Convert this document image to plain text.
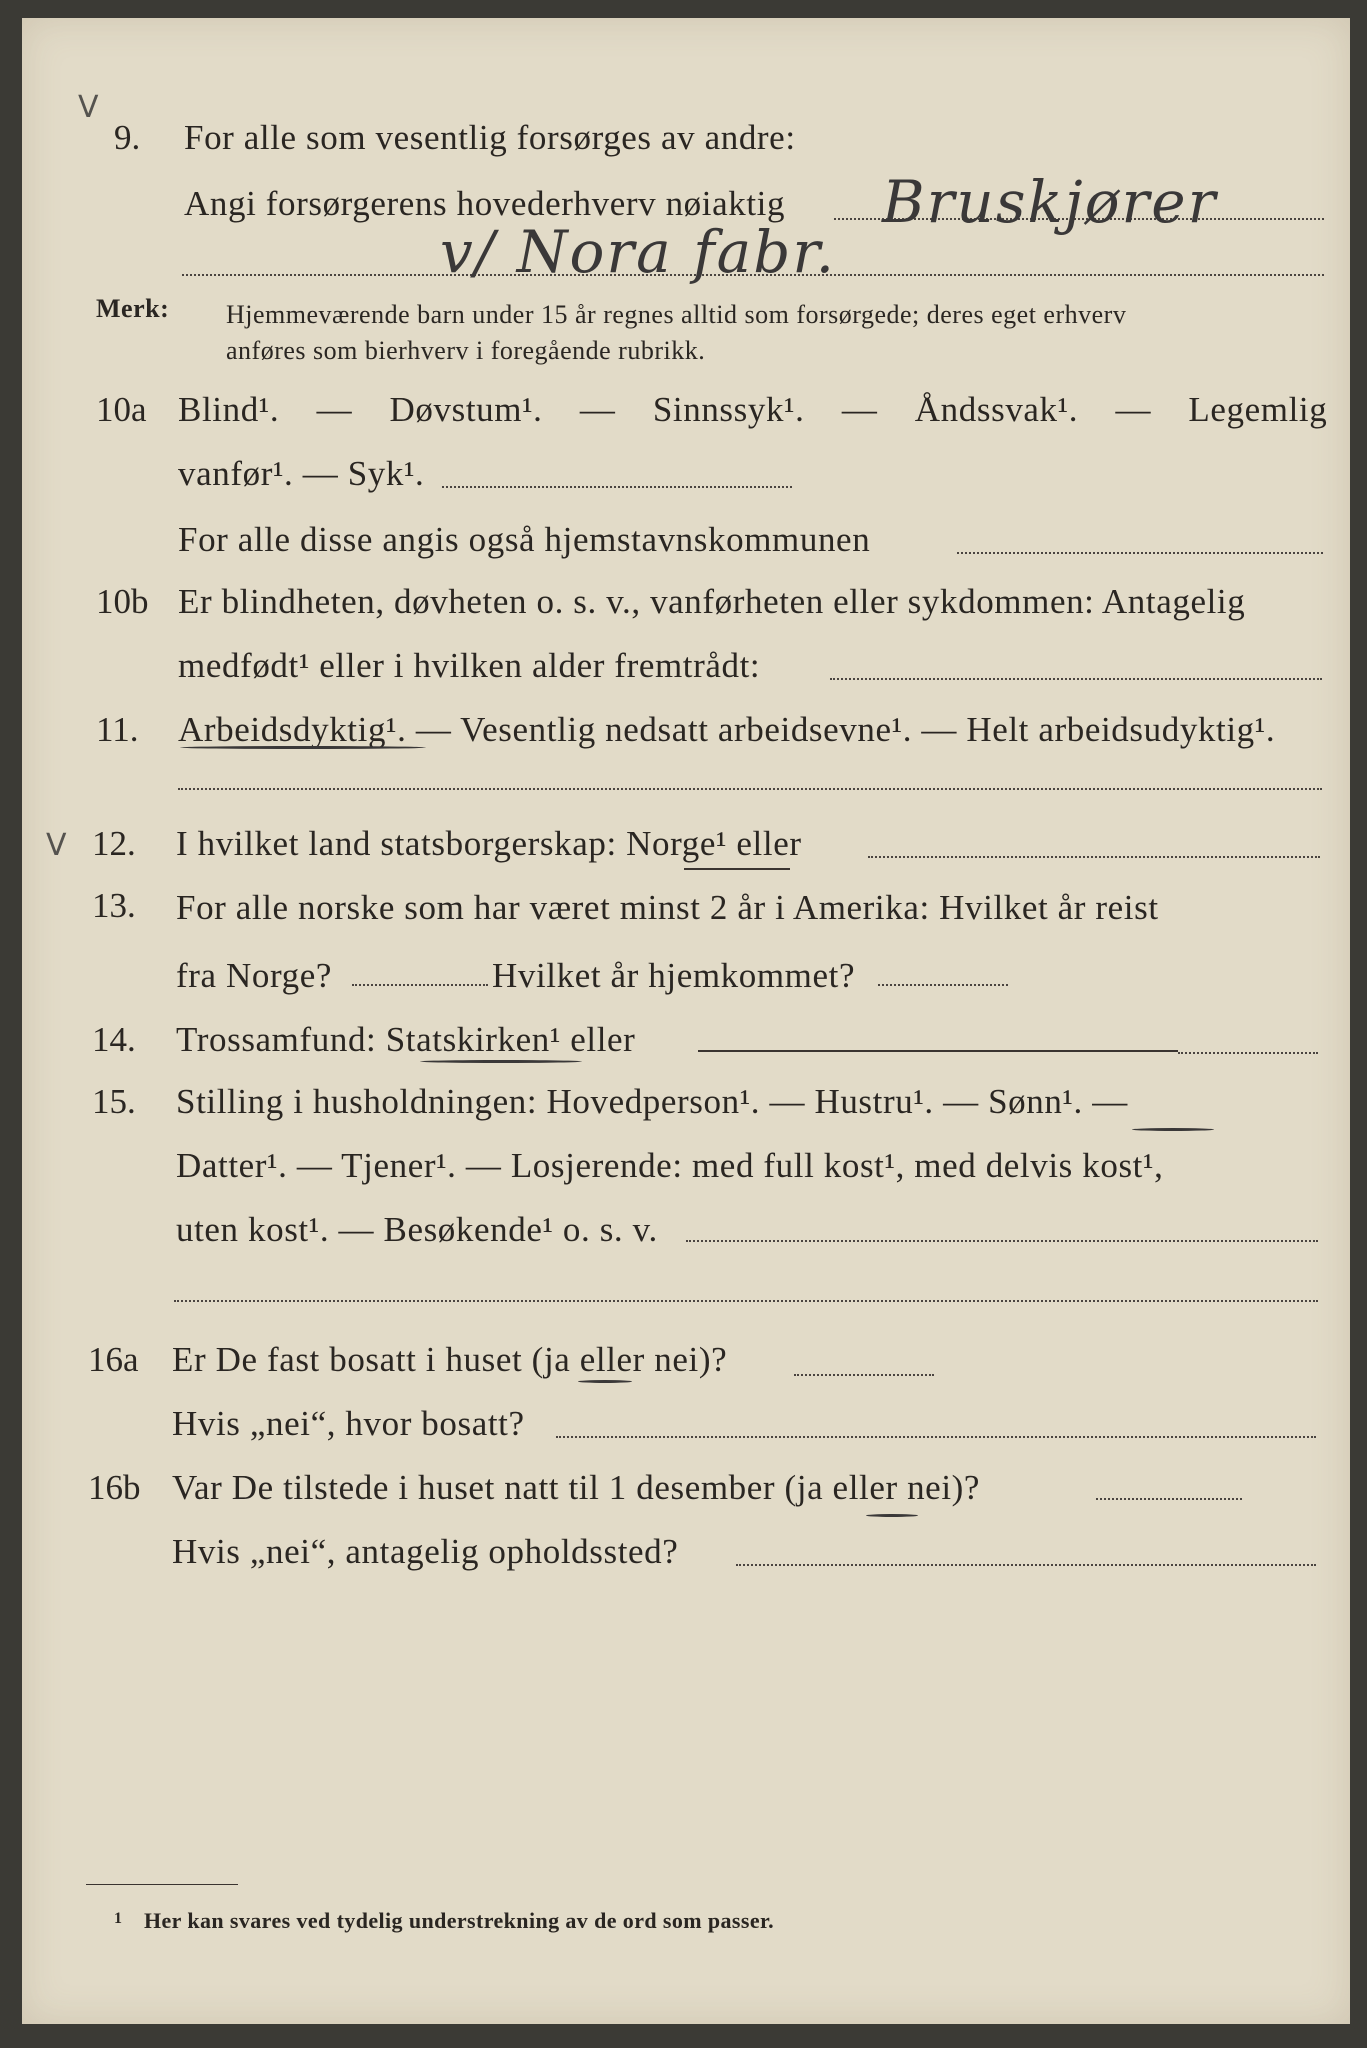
V
9. For alle som vesentlig forsørges av andre:
Angi forsørgerens hovederhverv nøiaktig Bruskjører
v/ Nora fabr.
Merk: Hjemmeværende barn under 15 år regnes alltid som forsørgede; deres eget erhverv
anføres som bierhverv i foregående rubrikk.
10a Blind¹. — Døvstum¹. — Sinnssyk¹. — Åndssvak¹. — Legemlig
vanfør¹. — Syk¹.
For alle disse angis også hjemstavnskommunen
10b Er blindheten, døvheten o. s. v., vanførheten eller sykdommen: Antagelig
medfødt¹ eller i hvilken alder fremtrådt:
11. Arbeidsdyktig¹. — Vesentlig nedsatt arbeidsevne¹. — Helt arbeidsudyktig¹.
V 12. I hvilket land statsborgerskap: Norge¹ eller
13. For alle norske som har været minst 2 år i Amerika: Hvilket år reist
fra Norge?	Hvilket år hjemkommet?
14. Trossamfund: Statskirken¹ eller
15. Stilling i husholdningen: Hovedperson¹. — Hustru¹. — Sønn¹. —
Datter¹. — Tjener¹. — Losjerende: med full kost¹, med delvis kost¹,
uten kost¹. — Besøkende¹ o. s. v.
16a Er De fast bosatt i huset (ja eller nei)?
Hvis „nei“, hvor bosatt?
16b Var De tilstede i huset natt til 1 desember (ja eller nei)?
Hvis „nei“, antagelig opholdssted?
1 Her kan svares ved tydelig understrekning av de ord som passer.
